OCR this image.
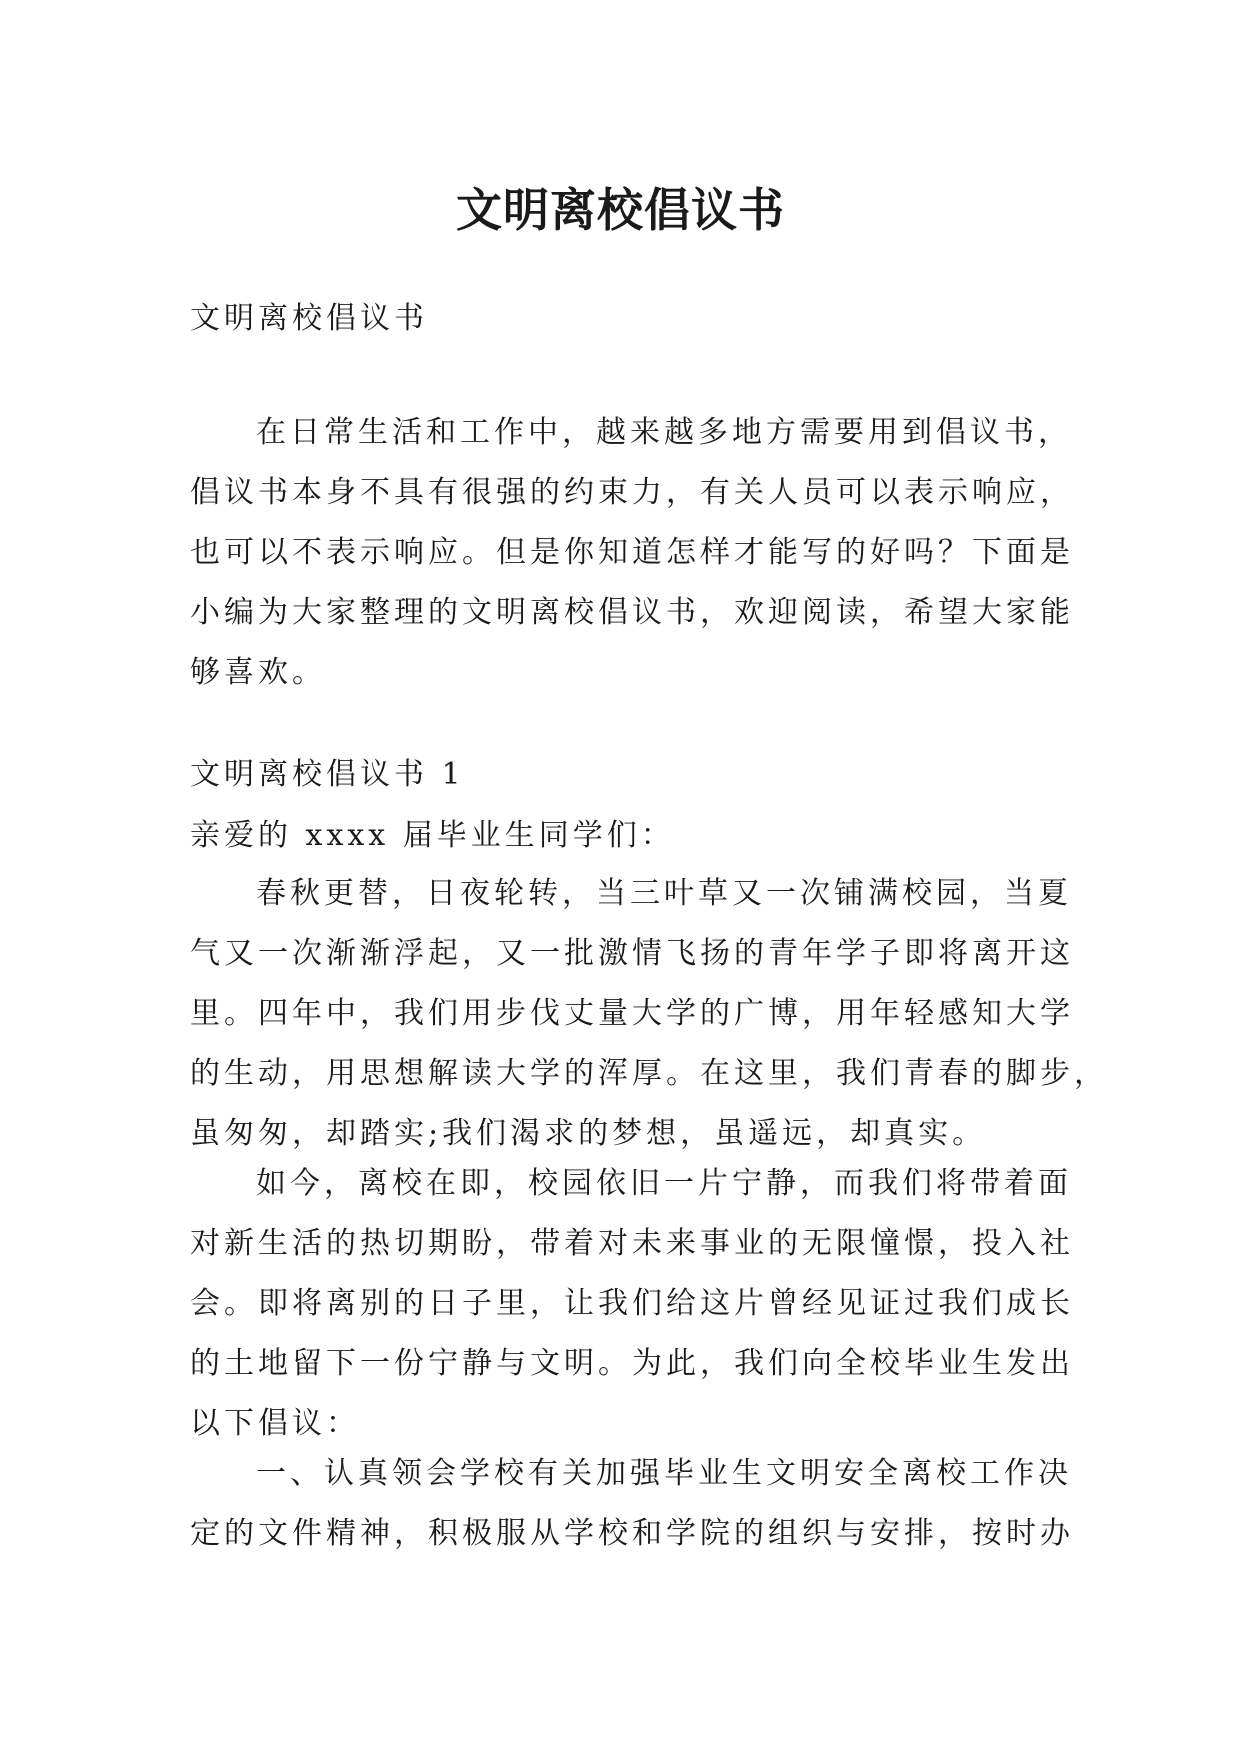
文明离校倡议书
文明离校倡议书
在日常生活和工作中，越来越多地方需要用到倡议书，
倡议书本身不具有很强的约束力，有关人员可以表示响应，
也可以不表示响应。但是你知道怎样才能写的好吗？下面是
小编为大家整理的文明离校倡议书，欢迎阅读，希望大家能
够喜欢。
文明离校倡议书 1
亲爱的 xxxx 届毕业生同学们：
春秋更替，日夜轮转，当三叶草又一次铺满校园，当夏
气又一次渐渐浮起，又一批激情飞扬的青年学子即将离开这
里。四年中，我们用步伐丈量大学的广博，用年轻感知大学
的生动，用思想解读大学的浑厚。在这里，我们青春的脚步，
虽匆匆，却踏实;我们渴求的梦想，虽遥远，却真实。
如今，离校在即，校园依旧一片宁静，而我们将带着面
对新生活的热切期盼，带着对未来事业的无限憧憬，投入社
会。即将离别的日子里，让我们给这片曾经见证过我们成长
的土地留下一份宁静与文明。为此，我们向全校毕业生发出
以下倡议：
一、认真领会学校有关加强毕业生文明安全离校工作决
定的文件精神，积极服从学校和学院的组织与安排，按时办
